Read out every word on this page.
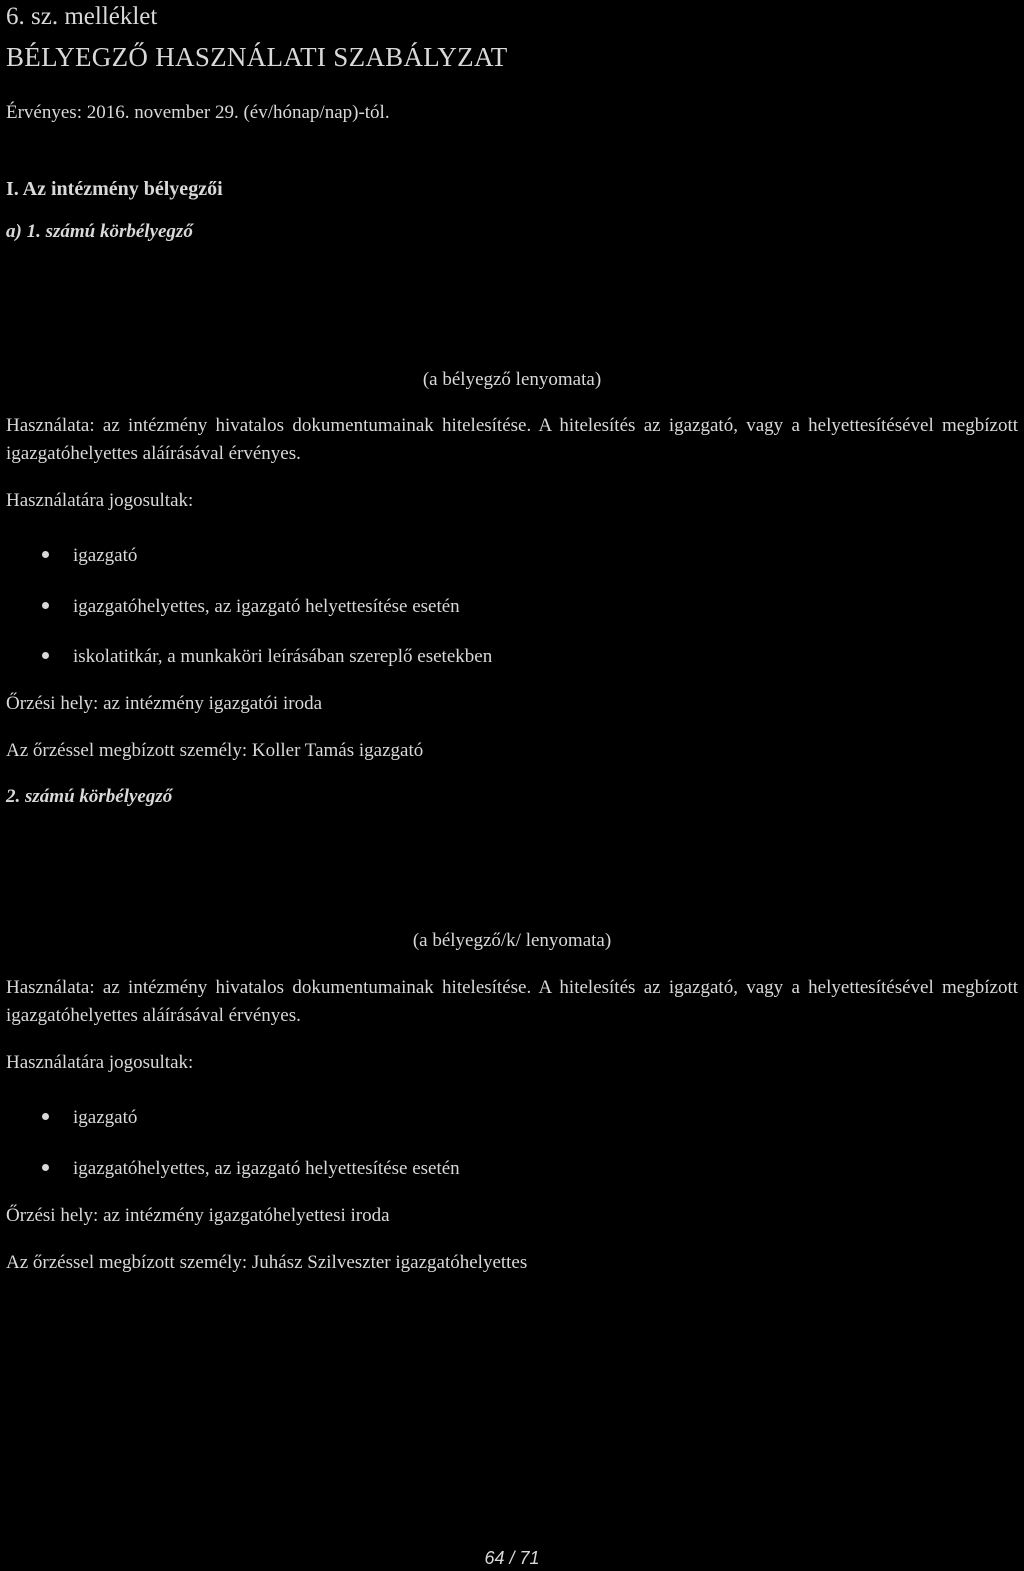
6. sz. melléklet
BÉLYEGZŐ HASZNÁLATI SZABÁLYZAT
Érvényes: 2016. november 29. (év/hónap/nap)-tól.
I. Az intézmény bélyegzői
a) 1. számú körbélyegző
(a bélyegző lenyomata)
Használata: az intézmény hivatalos dokumentumainak hitelesítése. A hitelesítés az igazgató, vagy a helyettesítésével megbízott igazgatóhelyettes aláírásával érvényes.
Használatára jogosultak:
igazgató
igazgatóhelyettes, az igazgató helyettesítése esetén
iskolatitkár, a munkaköri leírásában szereplő esetekben
Őrzési hely: az intézmény igazgatói iroda
Az őrzéssel megbízott személy: Koller Tamás igazgató
2. számú körbélyegző
(a bélyegző/k/ lenyomata)
Használata: az intézmény hivatalos dokumentumainak hitelesítése. A hitelesítés az igazgató, vagy a helyettesítésével megbízott igazgatóhelyettes aláírásával érvényes.
Használatára jogosultak:
igazgató
igazgatóhelyettes, az igazgató helyettesítése esetén
Őrzési hely: az intézmény igazgatóhelyettesi iroda
Az őrzéssel megbízott személy: Juhász Szilveszter igazgatóhelyettes
64 / 71
